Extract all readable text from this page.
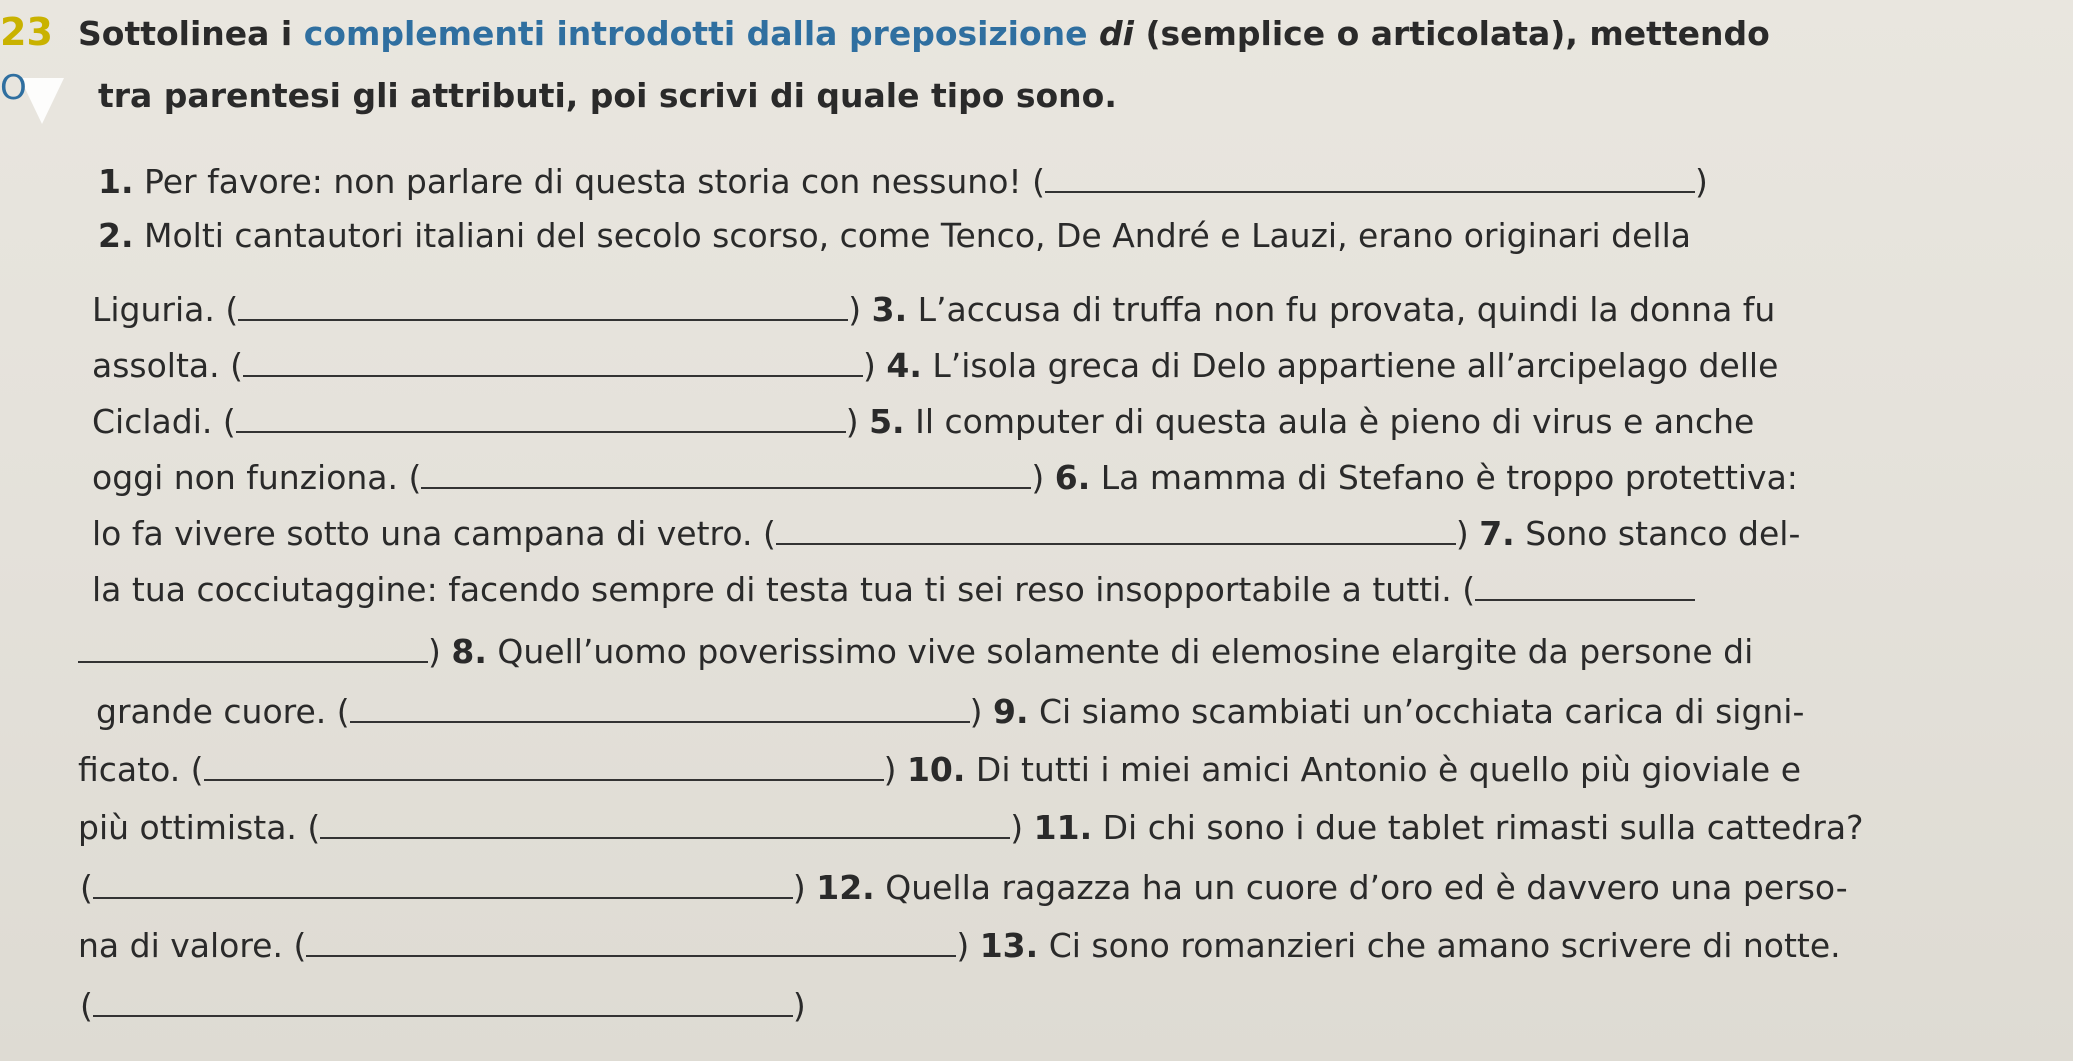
23
O
Sottolinea i complementi introdotti dalla preposizione di (semplice o articolata), mettendo
tra parentesi gli attributi, poi scrivi di quale tipo sono.
1. Per favore: non parlare di questa storia con nessuno! (	)
2. Molti cantautori italiani del secolo scorso, come Tenco, De André e Lauzi, erano originari della
Liguria. (	) 3. L’accusa di truffa non fu provata, quindi la donna fu
assolta. (	) 4. L’isola greca di Delo appartiene all’arcipelago delle
Cicladi. (	) 5. Il computer di questa aula è pieno di virus e anche
oggi non funziona. (	) 6. La mamma di Stefano è troppo protettiva:
lo fa vivere sotto una campana di vetro. (	) 7. Sono stanco del-
la tua cocciutaggine: facendo sempre di testa tua ti sei reso insopportabile a tutti. (
) 8. Quell’uomo poverissimo vive solamente di elemosine elargite da persone di
grande cuore. (	) 9. Ci siamo scambiati un’occhiata carica di signi-
ficato. (	) 10. Di tutti i miei amici Antonio è quello più gioviale e
più ottimista. (	) 11. Di chi sono i due tablet rimasti sulla cattedra?
(	) 12. Quella ragazza ha un cuore d’oro ed è davvero una perso-
na di valore. (	) 13. Ci sono romanzieri che amano scrivere di notte.
(	)
